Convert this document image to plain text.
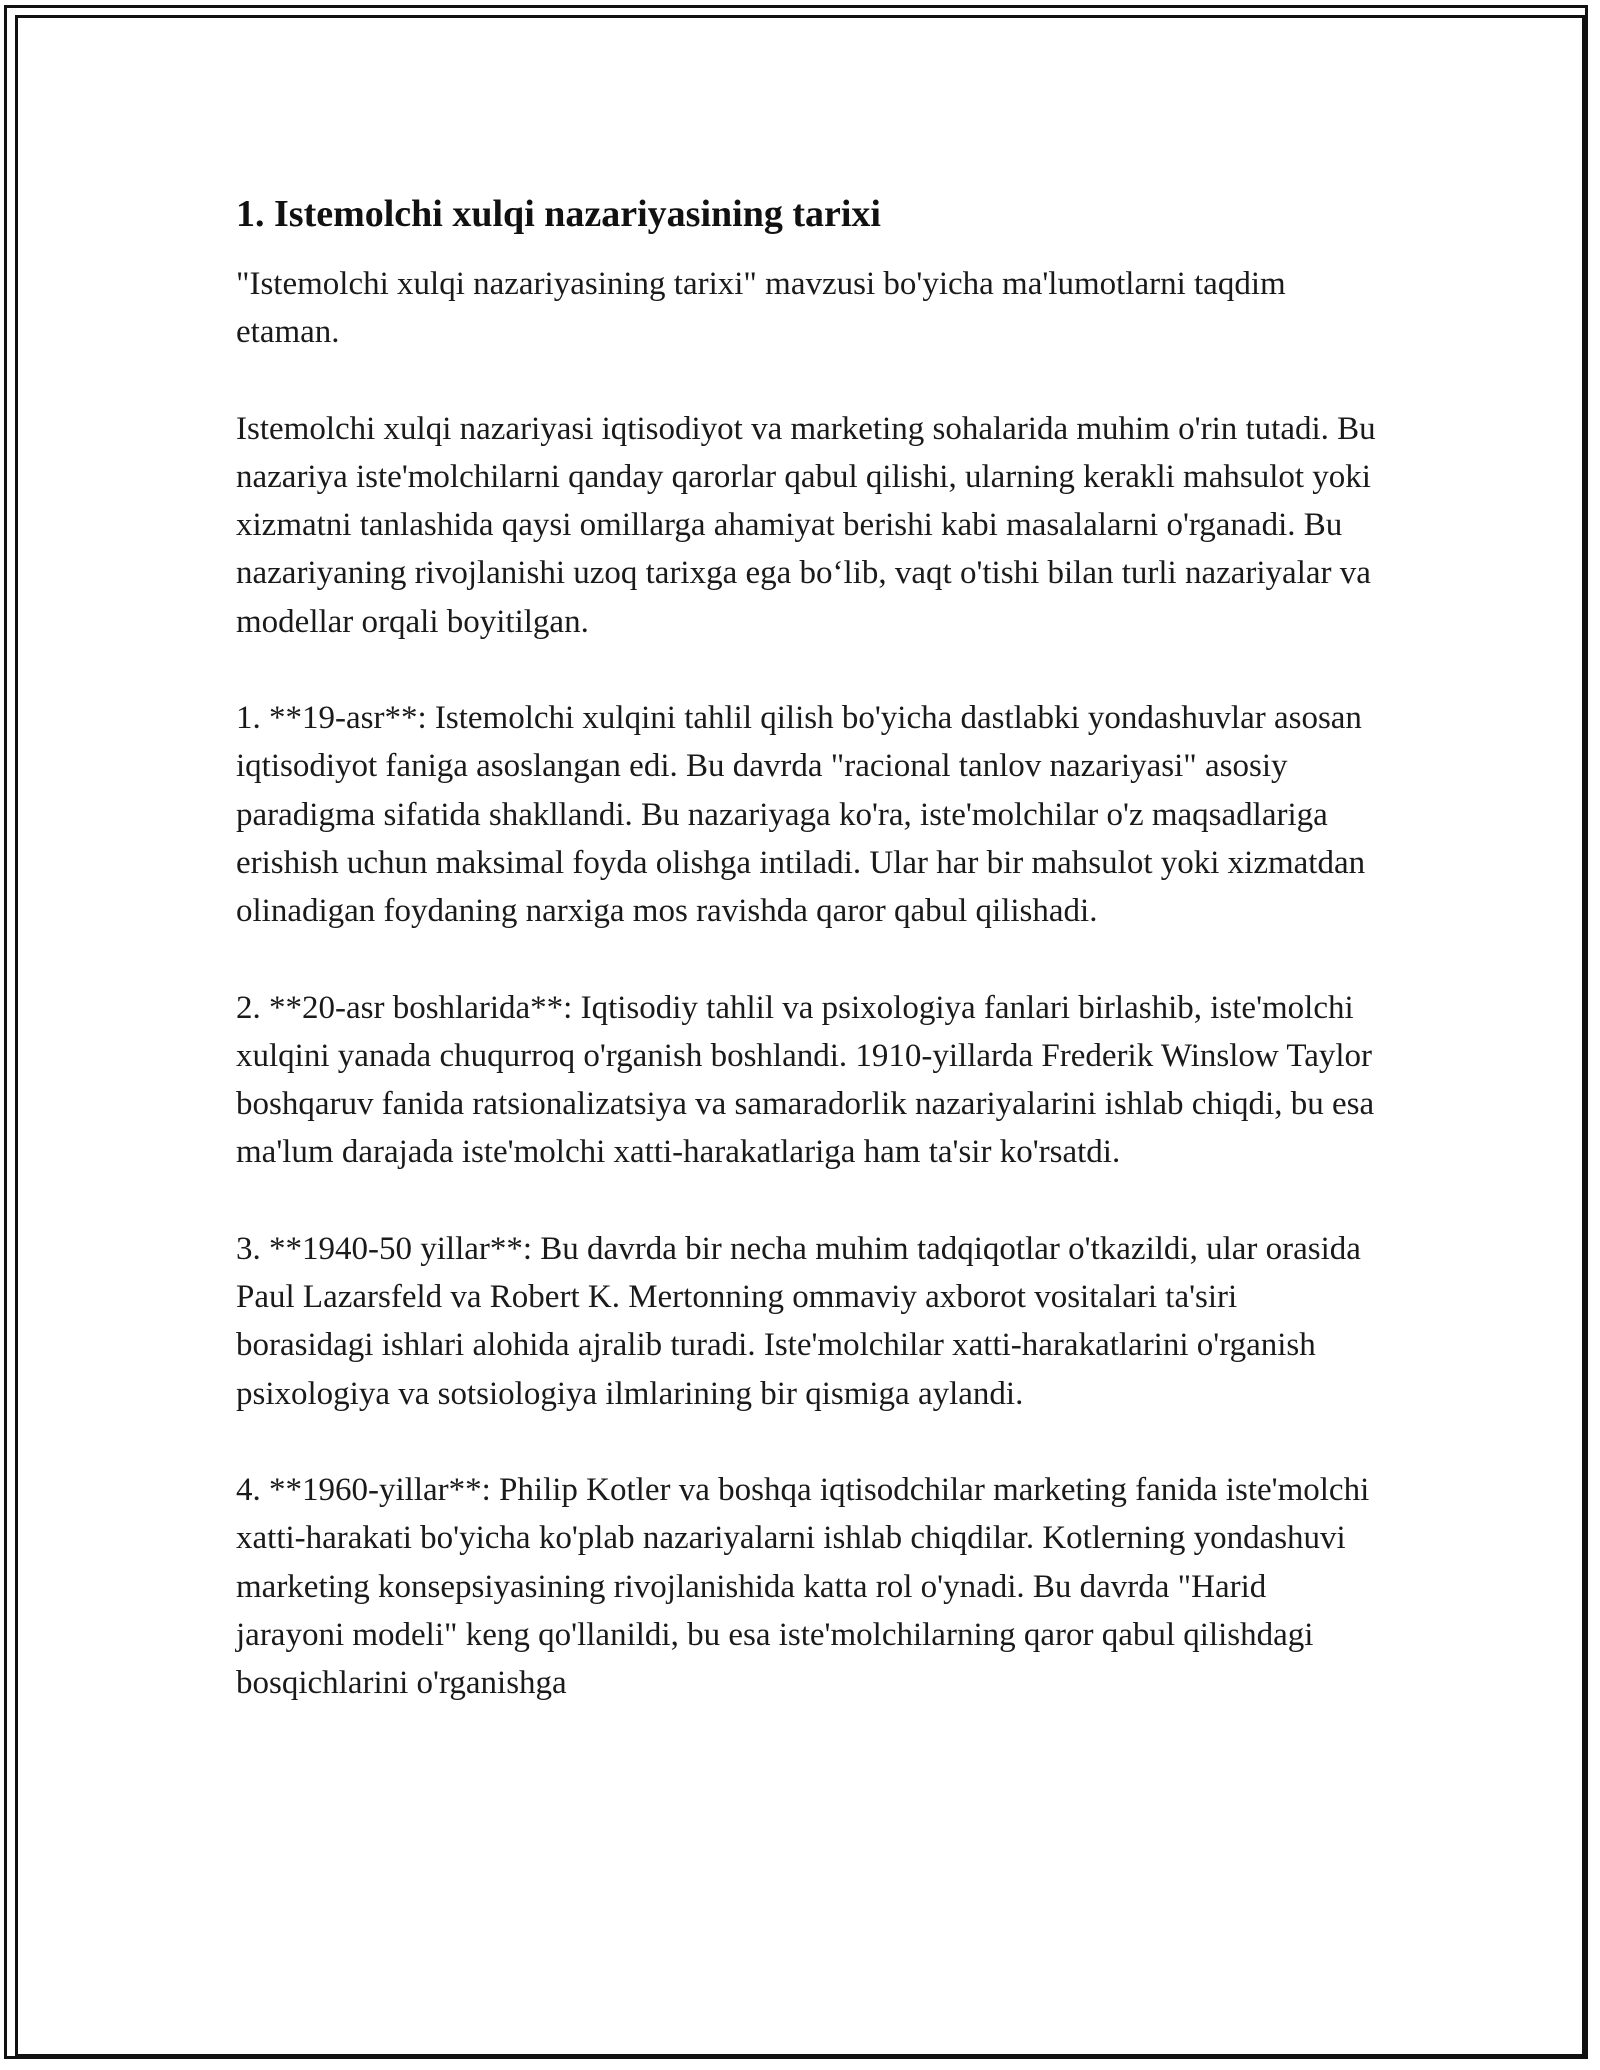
1. Istemolchi xulqi nazariyasining tarixi

"Istemolchi xulqi nazariyasining tarixi" mavzusi bo'yicha ma'lumotlarni taqdim etaman.

Istemolchi xulqi nazariyasi iqtisodiyot va marketing sohalarida muhim o'rin tutadi. Bu nazariya iste'molchilarni qanday qarorlar qabul qilishi, ularning kerakli mahsulot yoki xizmatni tanlashida qaysi omillarga ahamiyat berishi kabi masalalarni o'rganadi. Bu nazariyaning rivojlanishi uzoq tarixga ega bo‘lib, vaqt o'tishi bilan turli nazariyalar va modellar orqali boyitilgan.

1. **19-asr**: Istemolchi xulqini tahlil qilish bo'yicha dastlabki yondashuvlar asosan iqtisodiyot faniga asoslangan edi. Bu davrda "racional tanlov nazariyasi" asosiy paradigma sifatida shakllandi. Bu nazariyaga ko'ra, iste'molchilar o'z maqsadlariga erishish uchun maksimal foyda olishga intiladi. Ular har bir mahsulot yoki xizmatdan olinadigan foydaning narxiga mos ravishda qaror qabul qilishadi.

2. **20-asr boshlarida**: Iqtisodiy tahlil va psixologiya fanlari birlashib, iste'molchi xulqini yanada chuqurroq o'rganish boshlandi. 1910-yillarda Frederik Winslow Taylor boshqaruv fanida ratsionalizatsiya va samaradorlik nazariyalarini ishlab chiqdi, bu esa ma'lum darajada iste'molchi xatti-harakatlariga ham ta'sir ko'rsatdi.

3. **1940-50 yillar**: Bu davrda bir necha muhim tadqiqotlar o'tkazildi, ular orasida Paul Lazarsfeld va Robert K. Mertonning ommaviy axborot vositalari ta'siri borasidagi ishlari alohida ajralib turadi. Iste'molchilar xatti-harakatlarini o'rganish psixologiya va sotsiologiya ilmlarining bir qismiga aylandi.

4. **1960-yillar**: Philip Kotler va boshqa iqtisodchilar marketing fanida iste'molchi xatti-harakati bo'yicha ko'plab nazariyalarni ishlab chiqdilar. Kotlerning yondashuvi marketing konsepsiyasining rivojlanishida katta rol o'ynadi. Bu davrda "Harid jarayoni modeli" keng qo'llanildi, bu esa iste'molchilarning qaror qabul qilishdagi bosqichlarini o'rganishga
